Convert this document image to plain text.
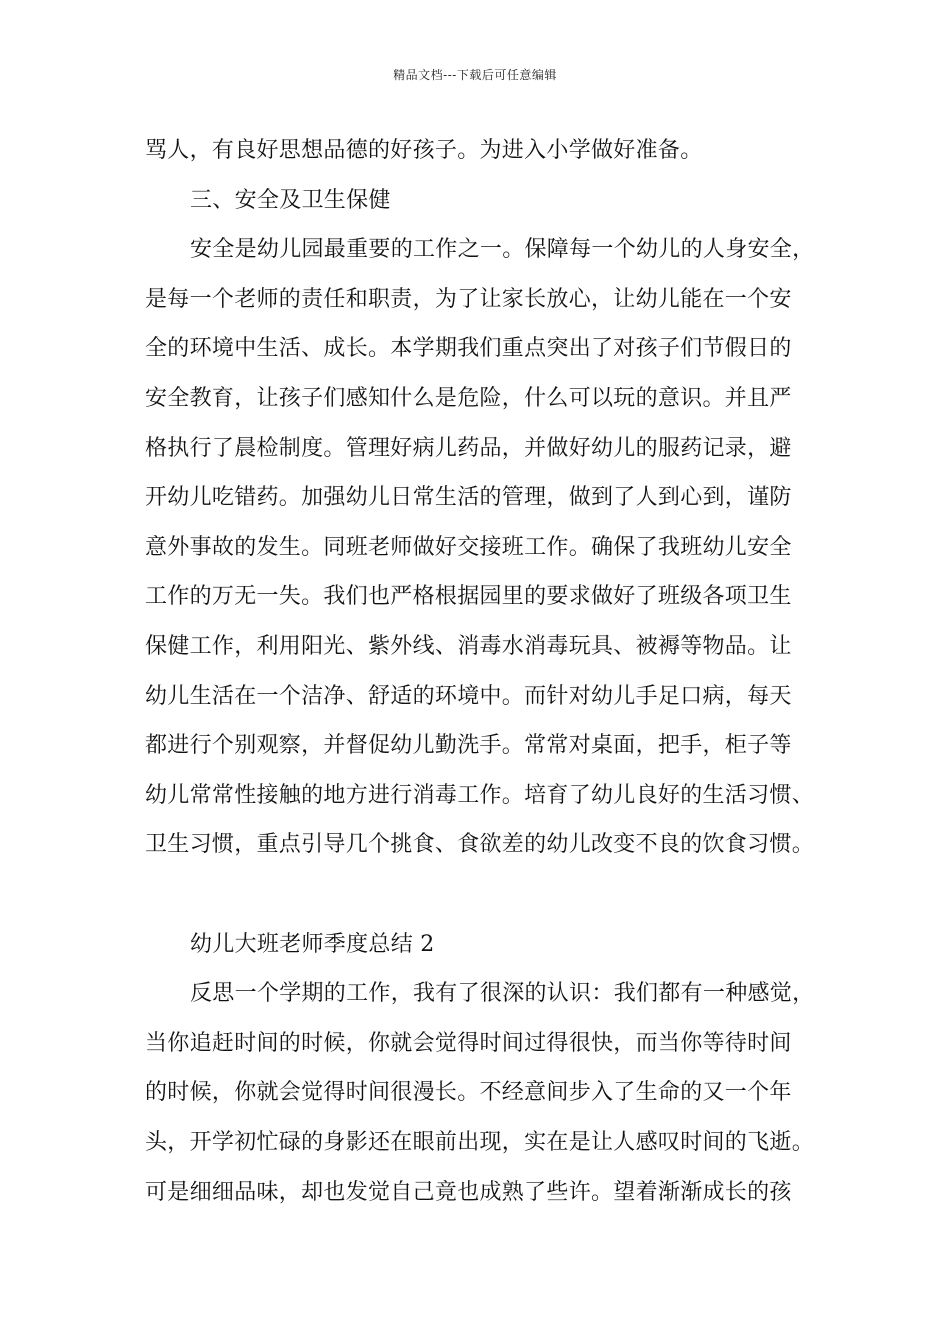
精品文档---下载后可任意编辑
骂人，有良好思想品德的好孩子。为进入小学做好准备。
三、安全及卫生保健
安全是幼儿园最重要的工作之一。保障每一个幼儿的人身安全，
是每一个老师的责任和职责，为了让家长放心，让幼儿能在一个安
全的环境中生活、成长。本学期我们重点突出了对孩子们节假日的
安全教育，让孩子们感知什么是危险，什么可以玩的意识。并且严
格执行了晨检制度。管理好病儿药品，并做好幼儿的服药记录，避
开幼儿吃错药。加强幼儿日常生活的管理，做到了人到心到，谨防
意外事故的发生。同班老师做好交接班工作。确保了我班幼儿安全
工作的万无一失。我们也严格根据园里的要求做好了班级各项卫生
保健工作，利用阳光、紫外线、消毒水消毒玩具、被褥等物品。让
幼儿生活在一个洁净、舒适的环境中。而针对幼儿手足口病，每天
都进行个别观察，并督促幼儿勤洗手。常常对桌面，把手，柜子等
幼儿常常性接触的地方进行消毒工作。培育了幼儿良好的生活习惯、
卫生习惯，重点引导几个挑食、食欲差的幼儿改变不良的饮食习惯。
幼儿大班老师季度总结 2
反思一个学期的工作，我有了很深的认识：我们都有一种感觉，
当你追赶时间的时候，你就会觉得时间过得很快，而当你等待时间
的时候，你就会觉得时间很漫长。不经意间步入了生命的又一个年
头，开学初忙碌的身影还在眼前出现，实在是让人感叹时间的飞逝。
可是细细品味，却也发觉自己竟也成熟了些许。望着渐渐成长的孩
